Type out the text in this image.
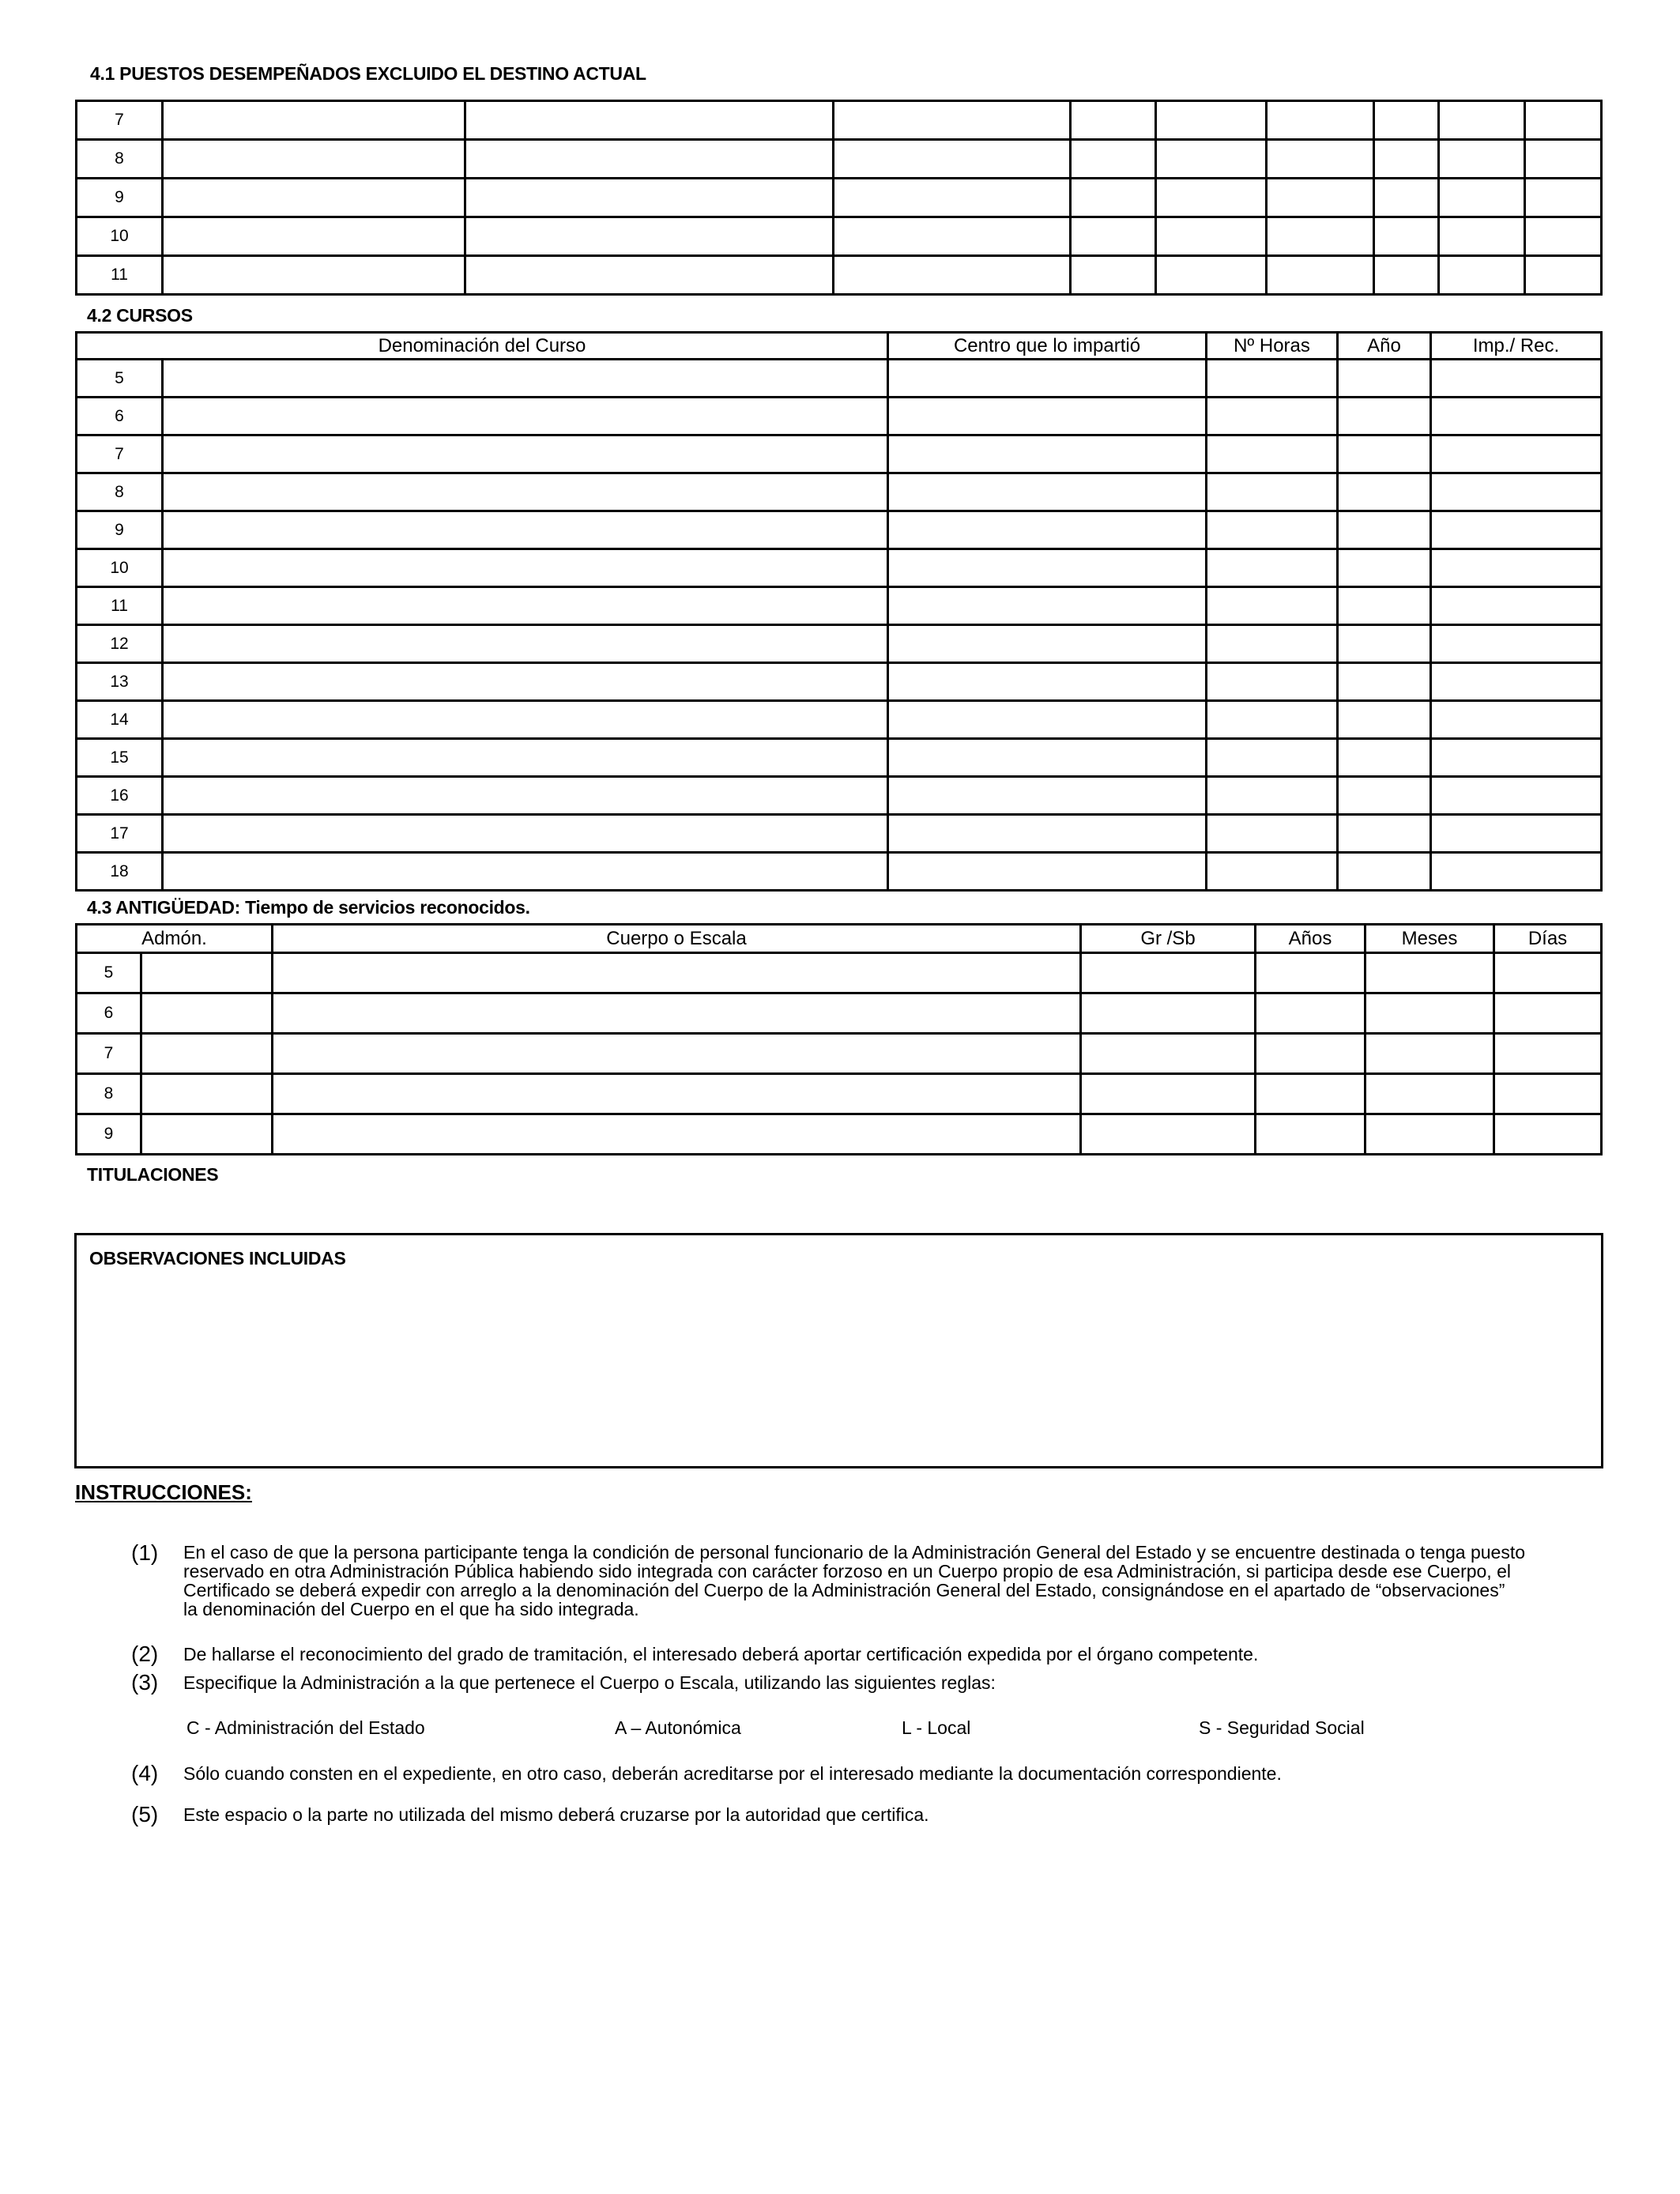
4.1 PUESTOS DESEMPEÑADOS EXCLUIDO EL DESTINO ACTUAL
7									
8									
9									
10									
11									
4.2 CURSOS
Denominación del Curso		Centro que lo impartió	Nº Horas	Año	Imp./ Rec.
5					
6					
7					
8					
9					
10					
11					
12					
13					
14					
15					
16					
17					
18					
4.3 ANTIGÜEDAD: Tiempo de servicios reconocidos.
Admón.		Cuerpo o Escala	Gr /Sb	Años	Meses	Días
5						
6						
7						
8						
9						
TITULACIONES
OBSERVACIONES INCLUIDAS
INSTRUCCIONES:
(1) En el caso de que la persona participante tenga la condición de personal funcionario de la Administración General del Estado y se encuentre destinada o tenga puesto
reservado en otra Administración Pública habiendo sido integrada con carácter forzoso en un Cuerpo propio de esa Administración, si participa desde ese Cuerpo, el
Certificado se deberá expedir con arreglo a la denominación del Cuerpo de la Administración General del Estado, consignándose en el apartado de “observaciones”
la denominación del Cuerpo en el que ha sido integrada.
(2) De hallarse el reconocimiento del grado de tramitación, el interesado deberá aportar certificación expedida por el órgano competente.
(3) Especifique la Administración a la que pertenece el Cuerpo o Escala, utilizando las siguientes reglas:
C - Administración del Estado	A – Autonómica	L - Local	S - Seguridad Social
(4) Sólo cuando consten en el expediente, en otro caso, deberán acreditarse por el interesado mediante la documentación correspondiente.
(5) Este espacio o la parte no utilizada del mismo deberá cruzarse por la autoridad que certifica.
